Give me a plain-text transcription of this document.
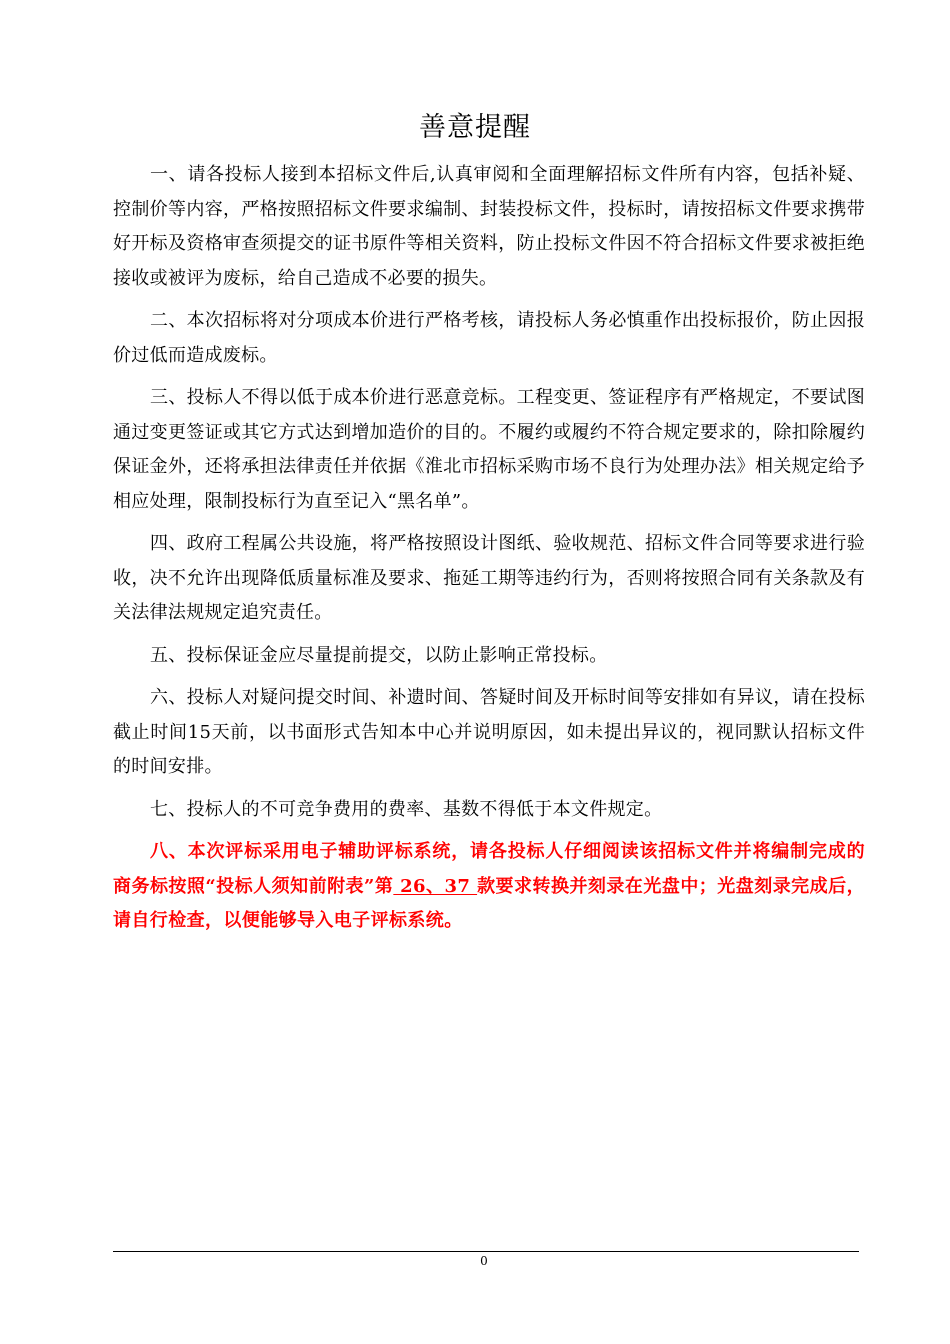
善意提醒

一、请各投标人接到本招标文件后,认真审阅和全面理解招标文件所有内容，包括补疑、控制价等内容，严格按照招标文件要求编制、封装投标文件，投标时，请按招标文件要求携带好开标及资格审查须提交的证书原件等相关资料，防止投标文件因不符合招标文件要求被拒绝接收或被评为废标，给自己造成不必要的损失。

二、本次招标将对分项成本价进行严格考核，请投标人务必慎重作出投标报价，防止因报价过低而造成废标。

三、投标人不得以低于成本价进行恶意竞标。工程变更、签证程序有严格规定，不要试图通过变更签证或其它方式达到增加造价的目的。不履约或履约不符合规定要求的，除扣除履约保证金外，还将承担法律责任并依据《淮北市招标采购市场不良行为处理办法》相关规定给予相应处理，限制投标行为直至记入“黑名单”。

四、政府工程属公共设施，将严格按照设计图纸、验收规范、招标文件合同等要求进行验收，决不允许出现降低质量标准及要求、拖延工期等违约行为，否则将按照合同有关条款及有关法律法规规定追究责任。

五、投标保证金应尽量提前提交，以防止影响正常投标。

六、投标人对疑问提交时间、补遗时间、答疑时间及开标时间等安排如有异议，请在投标截止时间15天前，以书面形式告知本中心并说明原因，如未提出异议的，视同默认招标文件的时间安排。

七、投标人的不可竞争费用的费率、基数不得低于本文件规定。

八、本次评标采用电子辅助评标系统，请各投标人仔细阅读该招标文件并将编制完成的商务标按照“投标人须知前附表”第 26、37 款要求转换并刻录在光盘中；光盘刻录完成后，请自行检查，以便能够导入电子评标系统。

0
